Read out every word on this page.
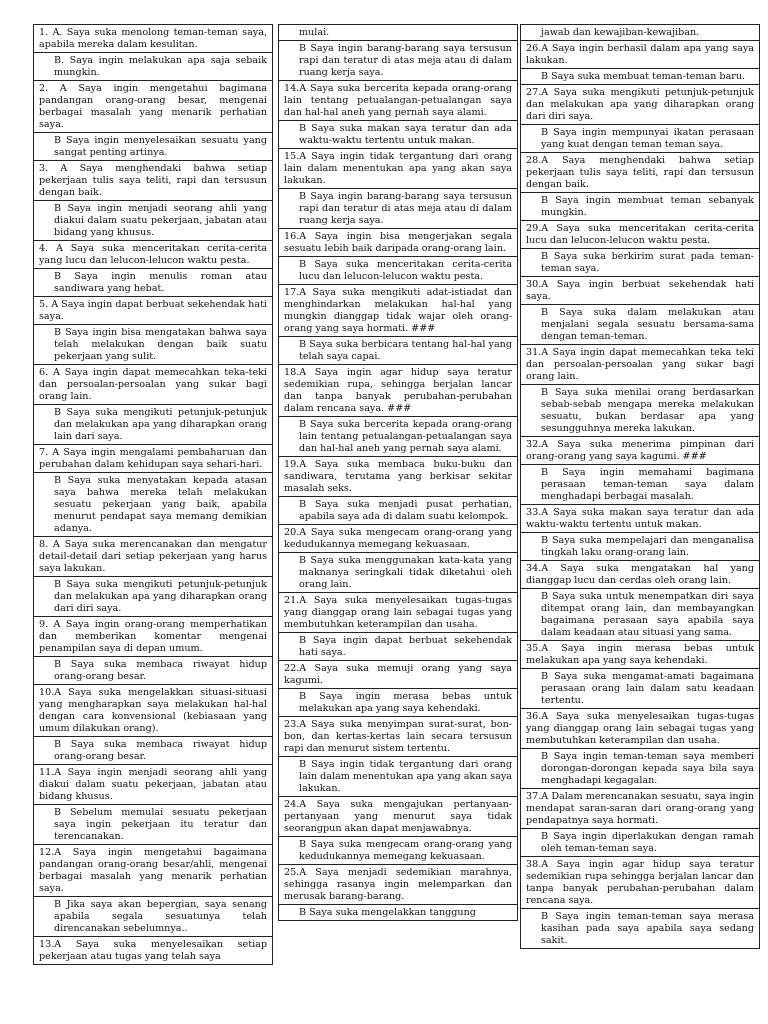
1. A. Saya suka menolong teman-teman saya, apabila mereka dalam kesulitan.
B. Saya ingin melakukan apa saja sebaik mungkin.
2. A Saya ingin mengetahui bagimana pandangan orang-orang besar, mengenai berbagai masalah yang menarik perhatian saya.
B Saya ingin menyelesaikan sesuatu yang sangat penting artinya.
3. A Saya menghendaki bahwa setiap pekerjaan tulis saya teliti, rapi dan tersusun dengan baik.
B Saya ingin menjadi seorang ahli yang diakui dalam suatu pekerjaan, jabatan atau bidang yang khusus.
4. A Saya suka menceritakan cerita-cerita yang lucu dan lelucon-lelucon waktu pesta.
B Saya ingin menulis roman atau sandiwara yang hebat.
5. A Saya ingin dapat berbuat sekehendak hati saya.
B Saya ingin bisa mengatakan bahwa saya telah melakukan dengan baik suatu pekerjaan yang sulit.
6. A Saya ingin dapat memecahkan teka-teki dan persoalan-persoalan yang sukar bagi orang lain.
B Saya suka mengikuti petunjuk-petunjuk dan melakukan apa yang diharapkan orang lain dari saya.
7. A Saya ingin mengalami pembaharuan dan perubahan dalam kehidupan saya sehari-hari.
B Saya suka menyatakan kepada atasan saya bahwa mereka telah melakukan sesuatu pekerjaan yang baik, apabila menurut pendapat saya memang demikian adanya.
8. A Saya suka merencanakan dan mengatur detail-detail dari setiap pekerjaan yang harus saya lakukan.
B Saya suka mengikuti petunjuk-petunjuk dan melakukan apa yang diharapkan orang dari diri saya.
9. A Saya ingin orang-orang memperhatikan dan memberikan komentar mengenai penampilan saya di depan umum.
B Saya suka membaca riwayat hidup orang-orang besar.
10.A Saya suka mengelakkan situasi-situasi yang mengharapkan saya melakukan hal-hal dengan cara konvensional (kebiasaan yang umum dilakukan orang).
B Saya suka membaca riwayat hidup orang-orang besar.
11.A Saya ingin menjadi seorang ahli yang diakui dalam suatu pekerjaan, jabatan atau bidang khusus.
B Sebelum memulai sesuatu pekerjaan saya ingin pekerjaan itu teratur dan terencanakan.
12.A Saya ingin mengetahui bagaimana pandangan orang-orang besar/ahli, mengenai berbagai masalah yang menarik perhatian saya.
B Jika saya akan bepergian, saya senang apabila segala sesuatunya telah direncanakan sebelumnya..
13.A Saya suka menyelesaikan setiap pekerjaan atau tugas yang telah saya
mulai.
B Saya ingin barang-barang saya tersusun rapi dan teratur di atas meja atau di dalam ruang kerja saya.
14.A Saya suka bercerita kepada orang-orang lain tentang petualangan-petualangan saya dan hal-hal aneh yang pernah saya alami.
B Saya suka makan saya teratur dan ada waktu-waktu tertentu untuk makan.
15.A Saya ingin tidak tergantung dari orang lain dalam menentukan apa yang akan saya lakukan.
B Saya ingin barang-barang saya tersusun rapi dan teratur di atas meja atau di dalam ruang kerja saya.
16.A Saya ingin bisa mengerjakan segala sesuatu lebih baik daripada orang-orang lain.
B Saya suka menceritakan cerita-cerita lucu dan lelucon-lelucon waktu pesta.
17.A Saya suka mengikuti adat-istiadat dan menghindarkan melakukan hal-hal yang mungkin dianggap tidak wajar oleh orang-orang yang saya hormati. ###
B Saya suka berbicara tentang hal-hal yang telah saya capai.
18.A Saya ingin agar hidup saya teratur sedemikian rupa, sehingga berjalan lancar dan tanpa banyak perubahan-perubahan dalam rencana saya. ###
B Saya suka bercerita kepada orang-orang lain tentang petualangan-petualangan saya dan hal-hal aneh yang pernah saya alami.
19.A Saya suka membaca buku-buku dan sandiwara, terutama yang berkisar sekitar masalah seks.
B Saya suka menjadi pusat perhatian, apabila saya ada di dalam suatu kelompok.
20.A Saya suka mengecam orang-orang yang kedudukannya memegang kekuasaan.
B Saya suka menggunakan kata-kata yang maknanya seringkali tidak diketahui oleh orang lain.
21.A Saya suka menyelesaikan tugas-tugas yang dianggap orang lain sebagai tugas yang membutuhkan keterampilan dan usaha.
B Saya ingin dapat berbuat sekehendak hati saya.
22.A Saya suka memuji orang yang saya kagumi.
B Saya ingin merasa bebas untuk melakukan apa yang saya kehendaki.
23.A Saya suka menyimpan surat-surat, bon-bon, dan kertas-kertas lain secara tersusun rapi dan menurut sistem tertentu.
B Saya ingin tidak tergantung dari orang lain dalam menentukan apa yang akan saya lakukan.
24.A Saya suka mengajukan pertanyaan-pertanyaan yang menurut saya tidak seorangpun akan dapat menjawabnya.
B Saya suka mengecam orang-orang yang kedudukannya memegang kekuasaan.
25.A Saya menjadi sedemikian marahnya, sehingga rasanya ingin melemparkan dan merusak barang-barang.
B Saya suka mengelakkan tanggung
jawab dan kewajiban-kewajiban.
26.A Saya ingin berhasil dalam apa yang saya lakukan.
B Saya suka membuat teman-teman baru.
27.A Saya suka mengikuti petunjuk-petunjuk dan melakukan apa yang diharapkan orang dari diri saya.
B Saya ingin mempunyai ikatan perasaan yang kuat dengan teman teman saya.
28.A Saya menghendaki bahwa setiap pekerjaan tulis saya teliti, rapi dan tersusun dengan baik.
B Saya ingin membuat teman sebanyak mungkin.
29.A Saya suka menceritakan cerita-cerita lucu dan lelucon-lelucon waktu pesta.
B Saya suka berkirim surat pada teman-teman saya.
30.A Saya ingin berbuat sekehendak hati saya.
B Saya suka dalam melakukan atau menjalani segala sesuatu bersama-sama dengan teman-teman.
31.A Saya ingin dapat memecahkan teka teki dan persoalan-persoalan yang sukar bagi orang lain.
B Saya suka menilai orang berdasarkan sebab-sebab mengapa mereka melakukan sesuatu, bukan berdasar apa yang sesungguhnya mereka lakukan.
32.A Saya suka menerima pimpinan dari orang-orang yang saya kagumi. ###
B Saya ingin memahami bagimana perasaan teman-teman saya dalam menghadapi berbagai masalah.
33.A Saya suka makan saya teratur dan ada waktu-waktu tertentu untuk makan.
B Saya suka mempelajari dan menganalisa tingkah laku orang-orang lain.
34.A Saya suka mengatakan hal yang dianggap lucu dan cerdas oleh orang lain.
B Saya suka untuk menempatkan diri saya ditempat orang lain, dan membayangkan bagaimana perasaan saya apabila saya dalam keadaan atau situasi yang sama.
35.A Saya ingin merasa bebas untuk melakukan apa yang saya kehendaki.
B Saya suka mengamat-amati bagaimana perasaan orang lain dalam satu keadaan tertentu.
36.A Saya suka menyelesaikan tugas-tugas yang dianggap orang lain sebagai tugas yang membutuhkan keterampilan dan usaha.
B Saya ingin teman-teman saya memberi dorongan-dorongan kepada saya bila saya menghadapi kegagalan.
37.A Dalam merencanakan sesuatu, saya ingin mendapat saran-saran dari orang-orang yang pendapatnya saya hormati.
B Saya ingin diperlakukan dengan ramah oleh teman-teman saya.
38.A Saya ingin agar hidup saya teratur sedemikian rupa sehingga berjalan lancar dan tanpa banyak perubahan-perubahan dalam rencana saya.
B Saya ingin teman-teman saya merasa kasihan pada saya apabila saya sedang sakit.
